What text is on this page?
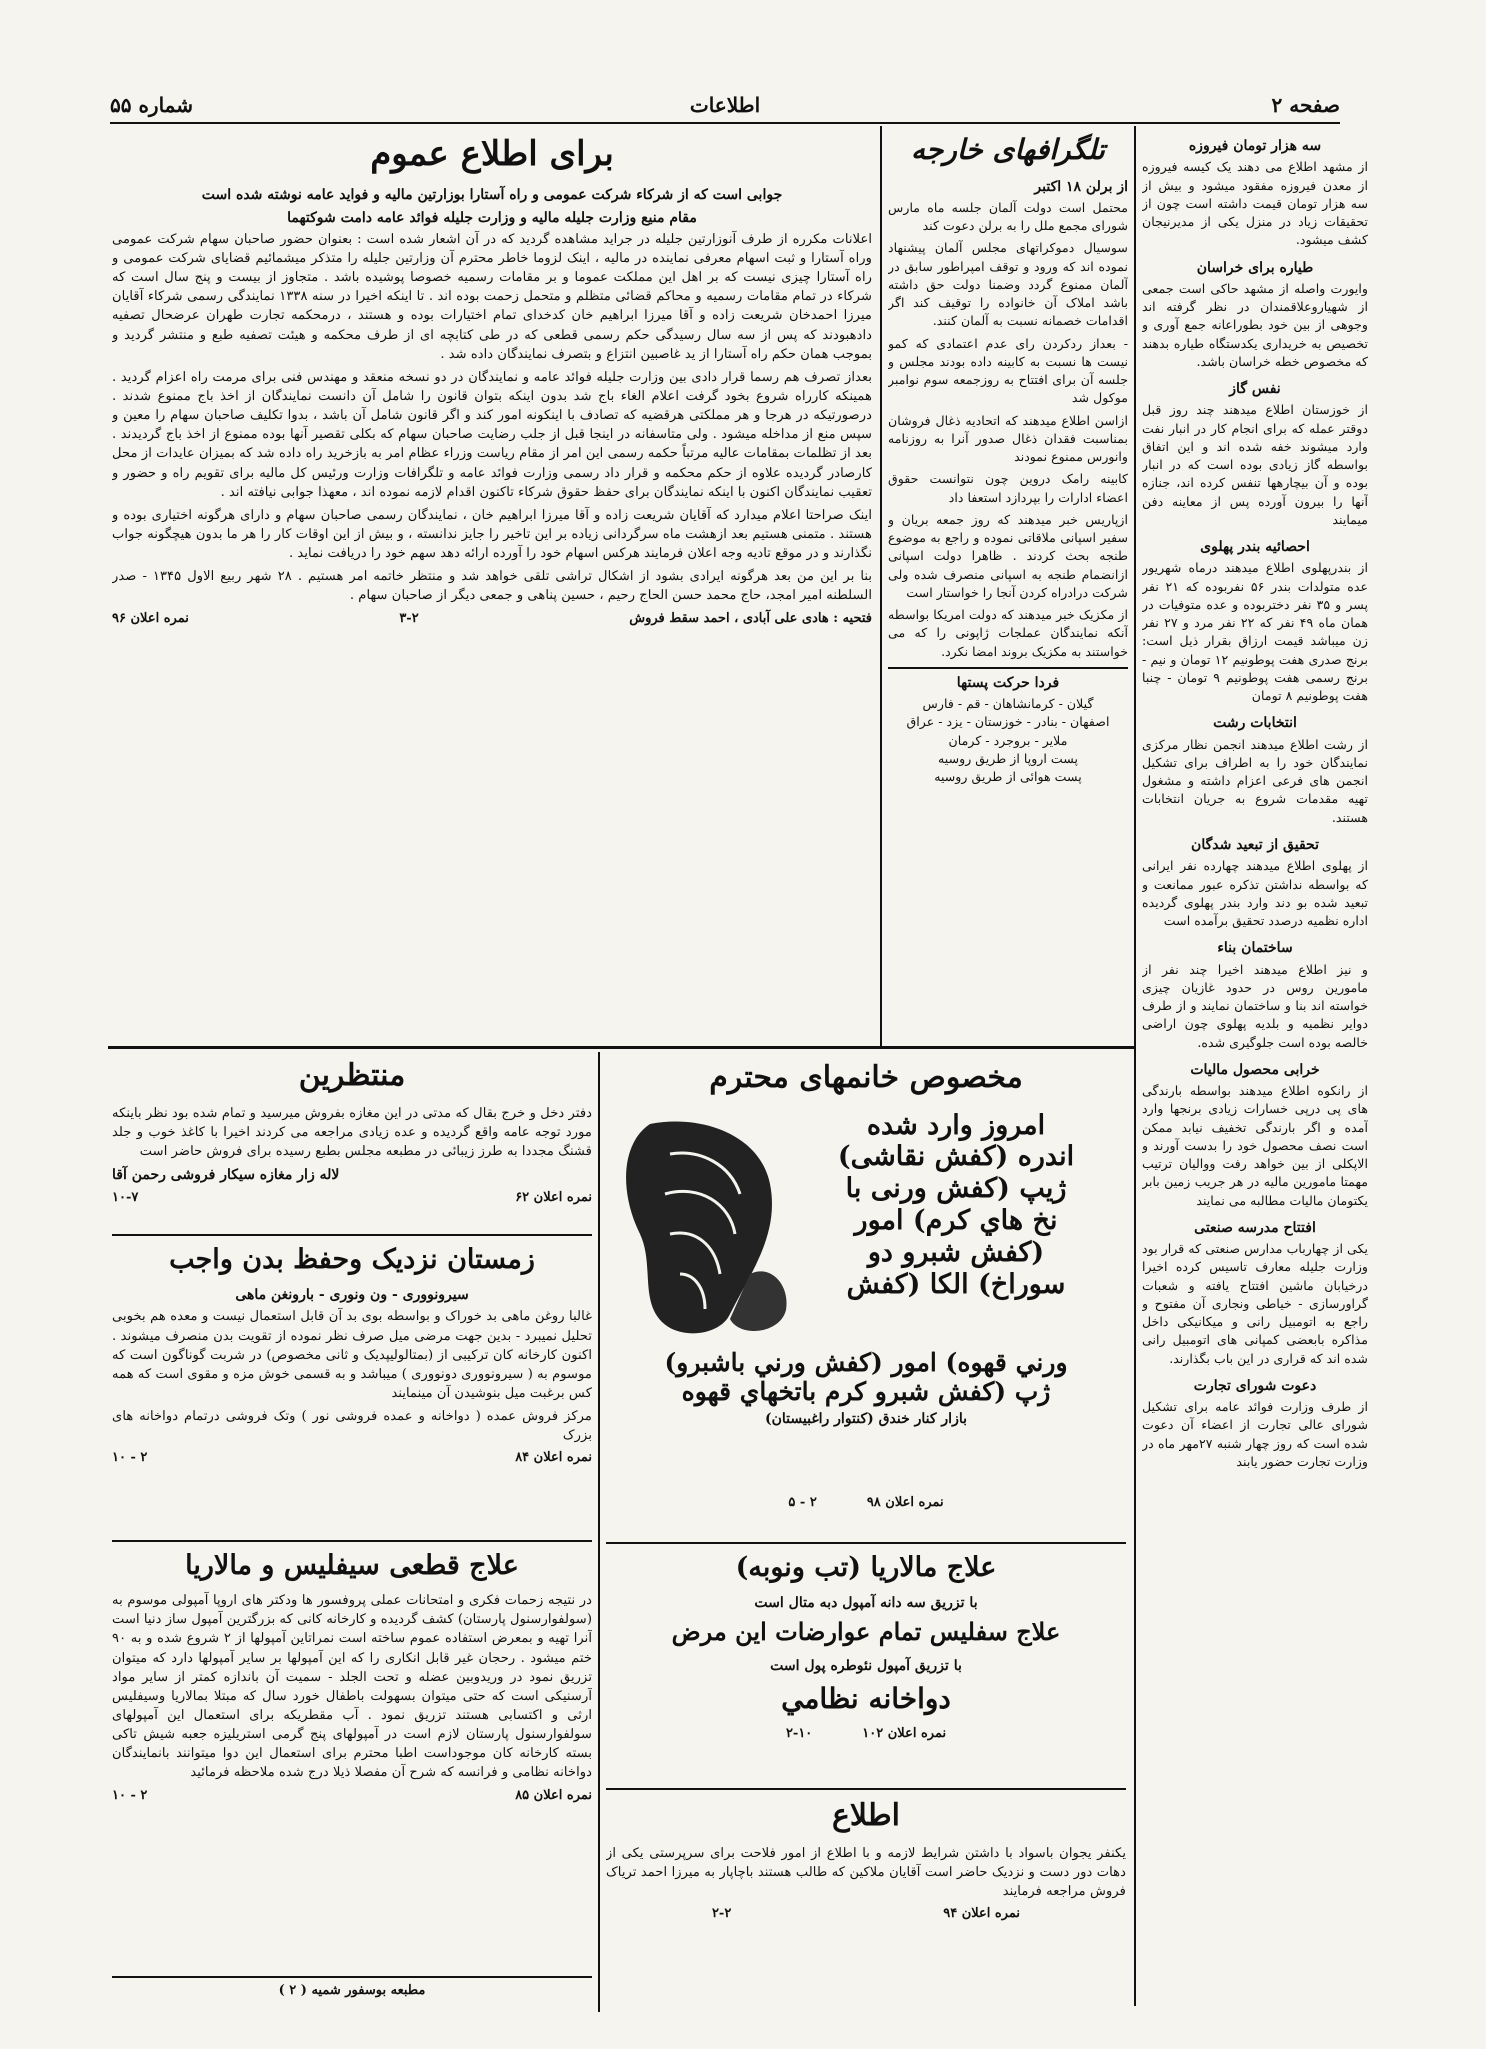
صفحه ۲
اطلاعات
شماره ۵۵
سه هزار تومان فیروزه
از مشهد اطلاع می دهند یک کیسه فیروزه از معدن فیروزه مفقود میشود و بیش از سه هزار تومان قیمت داشته است چون از تحقیقات زیاد در منزل یکی از مدیرنیجان کشف میشود.
طیاره برای خراسان
وایورت واصله از مشهد حاکی است جمعی از شهیاروعلاقمندان در نظر گرفته اند وجوهی از بین خود بطوراعانه جمع آوری و تخصیص به خریداری یکدستگاه طیاره بدهند که مخصوص خطه خراسان باشد.
نفس گاز
از خوزستان اطلاع میدهند چند روز قبل دوقتر عمله که برای انجام کار در انبار نفت وارد میشوند خفه شده اند و این اتفاق بواسطه گاز زیادی بوده است که در انبار بوده و آن بیچارهها تنفس کرده اند، جنازه آنها را بیرون آورده پس از معاینه دفن میمایند
احصائیه بندر پهلوی
از بندرپهلوی اطلاع میدهند درماه شهریور عده متولدات بندر ۵۶ نفربوده که ۲۱ نفر پسر و ۳۵ نفر دختربوده و عده متوفیات در همان ماه ۴۹ نفر که ۲۲ نفر مرد و ۲۷ نفر زن میباشد قیمت ارزاق بقرار ذیل است: برنج صدری هفت پوطونیم ۱۲ تومان و نیم - برنج رسمی هفت پوطونیم ۹ تومان - چنبا هفت پوطونیم ۸ تومان
انتخابات رشت
از رشت اطلاع میدهند انجمن نظار مرکزی نمایندگان خود را به اطراف برای تشکیل انجمن های فرعی اعزام داشته و مشغول تهیه مقدمات شروع به جریان انتخابات هستند.
تحقیق از تبعید شدگان
از پهلوی اطلاع میدهند چهارده نفر ایرانی که بواسطه نداشتن تذکره عبور ممانعت و تبعید شده بو دند وارد بندر پهلوی گردیده اداره نظمیه درصدد تحقیق برآمده است
ساختمان بناء
و نیز اطلاع میدهند اخیرا چند نفر از مامورین روس در حدود غازیان چیزی خواسته اند بنا و ساختمان نمایند و از طرف دوایر نظمیه و بلدیه پهلوی چون اراضی خالصه بوده است جلوگیری شده.
خرابی محصول مالیات
از رانکوه اطلاع میدهند بواسطه بارندگی های پی درپی خسارات زیادی برنجها وارد آمده و اگر بارندگی تخفیف نیابد ممکن است نصف محصول خود را بدست آورند و الاپکلی از بین خواهد رفت ووالیان ترتیب مهمتا مامورین مالیه در هر جریب زمین بابر یکتومان مالیات مطالبه می نمایند
افتتاح مدرسه صنعتی
یکی از چهارباب مدارس صنعتی که قرار بود وزارت جلیله معارف تاسیس کرده اخیرا درخیابان ماشین افتتاح یافته و شعبات گراورسازی - خیاطی ونجاری آن مفتوح و راجع به اتومبیل رانی و میکانیکی داخل مذاکره بابعضی کمپانی های اتومبیل رانی شده اند که قراری در این باب بگذارند.
دعوت شورای تجارت
از طرف وزارت فوائد عامه برای تشکیل شورای عالی تجارت از اعضاء آن دعوت شده است که روز چهار شنبه ۲۷مهر ماه در وزارت تجارت حضور یابند
تلگرافهای خارجه
از برلن ۱۸ اکتبر
محتمل است دولت آلمان جلسه ماه مارس شورای مجمع ملل را به برلن دعوت کند
سوسیال دموکراتهای مجلس آلمان پیشنهاد نموده اند که ورود و توقف امپراطور سابق در آلمان ممنوع گردد وضمنا دولت حق داشته باشد املاک آن خانواده را توقیف کند اگر اقدامات خصمانه نسبت به آلمان کنند.
- بعداز ردکردن رای عدم اعتمادی که کمو نیست ها نسبت به کابینه داده بودند مجلس و جلسه آن برای افتتاح به روزجمعه سوم نوامبر موکول شد
ازاسن اطلاع میدهند که اتحادیه ذغال فروشان بمناسبت فقدان ذغال صدور آنرا به روزنامه وانورس ممنوع نمودند
کابینه رامک دروین چون نتوانست حقوق اعضاء ادارات را بپردازد استعفا داد
ازپاریس خبر میدهند که روز جمعه بریان و سفیر اسپانی ملاقاتی نموده و راجع به موضوع طنجه بحث کردند . ظاهرا دولت اسپانی ازانضمام طنجه به اسپانی منصرف شده ولی شرکت درادراه کردن آنجا را خواستار است
از مکزیک خبر میدهند که دولت امریکا بواسطه آنکه نمایندگان عملجات ژاپونی را که می خواستند به مکزیک بروند امضا نکرد.
فردا حرکت پستها
گیلان - کرمانشاهان - قم - فارس
اصفهان - بنادر - خوزستان - یزد - عراق
ملایر - بروجرد - کرمان
پست اروپا از طریق روسیه
پست هوائی از طریق روسیه
برای اطلاع عموم
جوابی است که از شرکاء شرکت عمومی و راه آستارا بوزارتین مالیه و فواید عامه نوشته شده است
مقام منیع وزارت جلیله مالیه و وزارت جلیله فوائد عامه دامت شوکتهما
اعلانات مکرره از طرف آنوزارتین جلیله در جراید مشاهده گردید که در آن اشعار شده است : بعنوان حضور صاحبان سهام شرکت عمومی وراه آستارا و ثبت اسهام معرفی نماینده در مالیه ، اینک لزوما خاطر محترم آن وزارتین جلیله را متذکر میشمائیم قضایای شرکت عمومی و راه آستارا چیزی نیست که بر اهل این مملکت عموما و بر مقامات رسمیه خصوصا پوشیده باشد . متجاوز از بیست و پنج سال است که شرکاء در تمام مقامات رسمیه و محاکم قضائی متظلم و متحمل زحمت بوده اند . تا اینکه اخیرا در سنه ۱۳۳۸ نمایندگی رسمی شرکاء آقایان میرزا احمدخان شریعت زاده و آقا میرزا ابراهیم خان کدخدای تمام اختیارات بوده و هستند ، درمحکمه تجارت طهران عرضحال تصفیه دادهبودند که پس از سه سال رسیدگی حکم رسمی قطعی که در طی کتابچه ای از طرف محکمه و هیئت تصفیه طبع و منتشر گردید و بموجب همان حکم راه آستارا از ید غاصبین انتزاع و بتصرف نمایندگان داده شد .
بعداز تصرف هم رسما قرار دادی بین وزارت جلیله فوائد عامه و نمایندگان در دو نسخه منعقد و مهندس فنی برای مرمت راه اعزام گردید . همینکه کارراه شروع بخود گرفت اعلام الغاء باج شد بدون اینکه بتوان قانون را شامل آن دانست نمایندگان از اخذ باج ممنوع شدند . درصورتیکه در هرجا و هر مملکتی هرقضیه که تصادف با اینکونه امور کند و اگر قانون شامل آن باشد ، بدوا تکلیف صاحبان سهام را معین و سپس منع از مداخله میشود . ولی متاسفانه در اینجا قبل از جلب رضایت صاحبان سهام که بکلی تقصیر آنها بوده ممنوع از اخذ باج گردیدند . بعد از تظلمات بمقامات عالیه مرتباً حکمه رسمی این امر از مقام ریاست وزراء عظام امر به بازخرید راه داده شد که بمیزان عایدات از محل کارصادر گردیده علاوه از حکم محکمه و قرار داد رسمی وزارت فوائد عامه و تلگرافات وزارت ورئیس کل مالیه برای تقویم راه و حضور و تعقیب نمایندگان اکنون با اینکه نمایندگان برای حفظ حقوق شرکاء تاکنون اقدام لازمه نموده اند ، معهذا جوابی نیافته اند .
اینک صراحتا اعلام میدارد که آقایان شریعت زاده و آقا میرزا ابراهیم خان ، نمایندگان رسمی صاحبان سهام و دارای هرگونه اختیاری بوده و هستند . متمنی هستیم بعد ازهشت ماه سرگردانی زیاده بر این تاخیر را جایز ندانسته ، و بیش از این اوقات کار را هر ما بدون هیچگونه جواب نگذارند و در موقع تادیه وجه اعلان فرمایند هرکس اسهام خود را آورده ارائه دهد سهم خود را دریافت نماید .
بنا بر این من بعد هرگونه ایرادی بشود از اشکال تراشی تلقی خواهد شد و منتظر خاتمه امر هستیم . ۲۸ شهر ربیع الاول ۱۳۴۵ - صدر السلطنه امیر امجد، حاج محمد حسن الحاج رحیم ، حسین پناهی و جمعی دیگر از صاحبان سهام .
فتحیه : هادی علی آبادی ، احمد سقط فروش
۳-۲
نمره اعلان ۹۶
منتظرین
دفتر دخل و خرج بقال که مدتی در این مغازه بفروش میرسید و تمام شده بود نظر باینکه مورد توجه عامه واقع گردیده و عده زیادی مراجعه می کردند اخیرا با کاغذ خوب و جلد قشنگ مجددا به طرز زیبائی در مطبعه مجلس بطبع رسیده برای فروش حاضر است
لاله زار مغازه سیکار فروشی رحمن آقا
نمره اعلان ۶۲
۱۰-۷
زمستان نزدیک وحفظ بدن واجب
سیرونووری - ون ونوری - بارونغن ماهی
غالبا روغن ماهی بد خوراک و بواسطه بوی بد آن قابل استعمال نیست و معده هم بخوبی تحلیل نمیبرد - بدین جهت مرضی میل صرف نظر نموده از تقویت بدن منصرف میشوند . اکنون کارخانه کان ترکیبی از (بمتالولیپدیک و ثانی مخصوص) در شربت گوناگون است که موسوم به ( سیرونووری دونووری ) میباشد و به قسمی خوش مزه و مقوی است که همه کس برغبت میل بنوشیدن آن مینمایند
مرکز فروش عمده ( دواخانه و عمده فروشی نور ) وتک فروشی درتمام دواخانه های بزرک
نمره اعلان ۸۴
۲ - ۱۰
علاج قطعی سیفلیس و مالاریا
در نتیجه زحمات فکری و امتحانات عملی پروفسور ها ودکتر های اروپا آمپولی موسوم به (سولفوارسنول پارستان) کشف گردیده و کارخانه کانی که بزرگترین آمپول ساز دنیا است آنرا تهیه و بمعرض استفاده عموم ساخته است نمراتاین آمپولها از ۲ شروع شده و به ۹۰ ختم میشود . رحجان غیر قابل انکاری را که این آمپولها بر سایر آمپولها دارد که میتوان تزریق نمود در وریدوبین عضله و تحت الجلد - سمیت آن باندازه کمتر از سایر مواد آرسنیکی است که حتی میتوان بسهولت باطفال خورد سال که مبتلا بمالاریا وسیفلیس ارثی و اکتسابی هستند تزریق نمود . آب مقطریکه برای استعمال این آمپولهای سولفوارسنول پارستان لازم است در آمپولهای پنج گرمی استریلیزه جعبه شیش تاکی بسته کارخانه کان موجوداست اطبا محترم برای استعمال این دوا میتوانند بانمایندگان دواخانه نظامی و فرانسه که شرح آن مفصلا ذیلا درج شده ملاحظه فرمائید
نمره اعلان ۸۵
۲ - ۱۰
مطبعه بوسفور شمیه ( ۲ )
مخصوص خانمهای محترم
امروز وارد شده
اندره (کفش نقاشی)
ژیپ (کفش ورنی با
نخ هاي کرم) امور
(کفش شبرو دو
سوراخ) الکا (کفش
ورني قهوه) امور (کفش ورني باشبرو)
ژپ (کفش شبرو کرم باتخهاي قهوه
بازار کنار خندق (کنتوار راغبیستان)
نمره اعلان ۹۸
۲ - ۵
علاج مالاریا (تب ونوبه)
با تزریق سه دانه آمپول دبه متال است
علاج سفلیس تمام عوارضات این مرض
با تزریق آمپول نئوطره پول است
دواخانه نظامي
نمره اعلان ۱۰۲
۲-۱۰
اطلاع
یکنفر یجوان باسواد با داشتن شرایط لازمه و با اطلاع از امور فلاحت برای سرپرستی یکی از دهات دور دست و نزدیک حاضر است آقایان ملاکین که طالب هستند باچاپار به میرزا احمد تریاک فروش مراجعه فرمایند
نمره اعلان ۹۴
۲-۲
